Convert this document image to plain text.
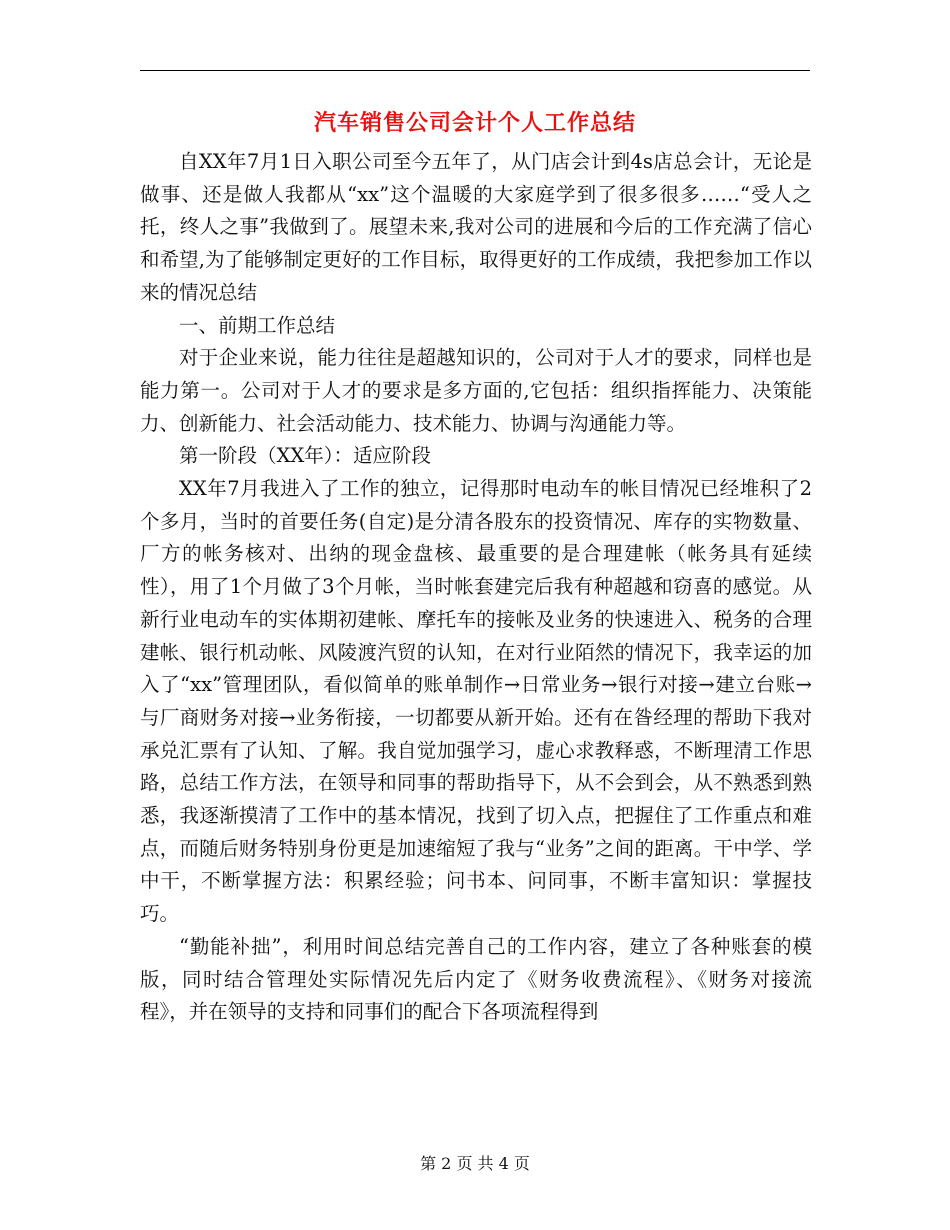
汽车销售公司会计个人工作总结

自XX年7月1日入职公司至今五年了，从门店会计到4s店总会计，无论是做事、还是做人我都从“xx”这个温暖的大家庭学到了很多很多……“受人之托，终人之事”我做到了。展望未来,我对公司的进展和今后的工作充满了信心和希望,为了能够制定更好的工作目标，取得更好的工作成绩，我把参加工作以来的情况总结

一、前期工作总结

对于企业来说，能力往往是超越知识的，公司对于人才的要求，同样也是能力第一。公司对于人才的要求是多方面的,它包括：组织指挥能力、决策能力、创新能力、社会活动能力、技术能力、协调与沟通能力等。

第一阶段（XX年）：适应阶段

XX年7月我进入了工作的独立，记得那时电动车的帐目情况已经堆积了2个多月，当时的首要任务(自定)是分清各股东的投资情况、库存的实物数量、厂方的帐务核对、出纳的现金盘核、最重要的是合理建帐（帐务具有延续性），用了1个月做了3个月帐，当时帐套建完后我有种超越和窃喜的感觉。从新行业电动车的实体期初建帐、摩托车的接帐及业务的快速进入、税务的合理建帐、银行机动帐、风陵渡汽贸的认知，在对行业陌然的情况下，我幸运的加入了“xx”管理团队，看似简单的账单制作→日常业务→银行对接→建立台账→与厂商财务对接→业务衔接，一切都要从新开始。还有在昝经理的帮助下我对承兑汇票有了认知、了解。我自觉加强学习，虚心求教释惑，不断理清工作思路，总结工作方法，在领导和同事的帮助指导下，从不会到会，从不熟悉到熟悉，我逐渐摸清了工作中的基本情况，找到了切入点，把握住了工作重点和难点，而随后财务特别身份更是加速缩短了我与“业务”之间的距离。干中学、学中干，不断掌握方法：积累经验；问书本、问同事，不断丰富知识：掌握技巧。

“勤能补拙”，利用时间总结完善自己的工作内容，建立了各种账套的模版，同时结合管理处实际情况先后内定了《财务收费流程》、《财务对接流程》，并在领导的支持和同事们的配合下各项流程得到

第 2 页 共 4 页
